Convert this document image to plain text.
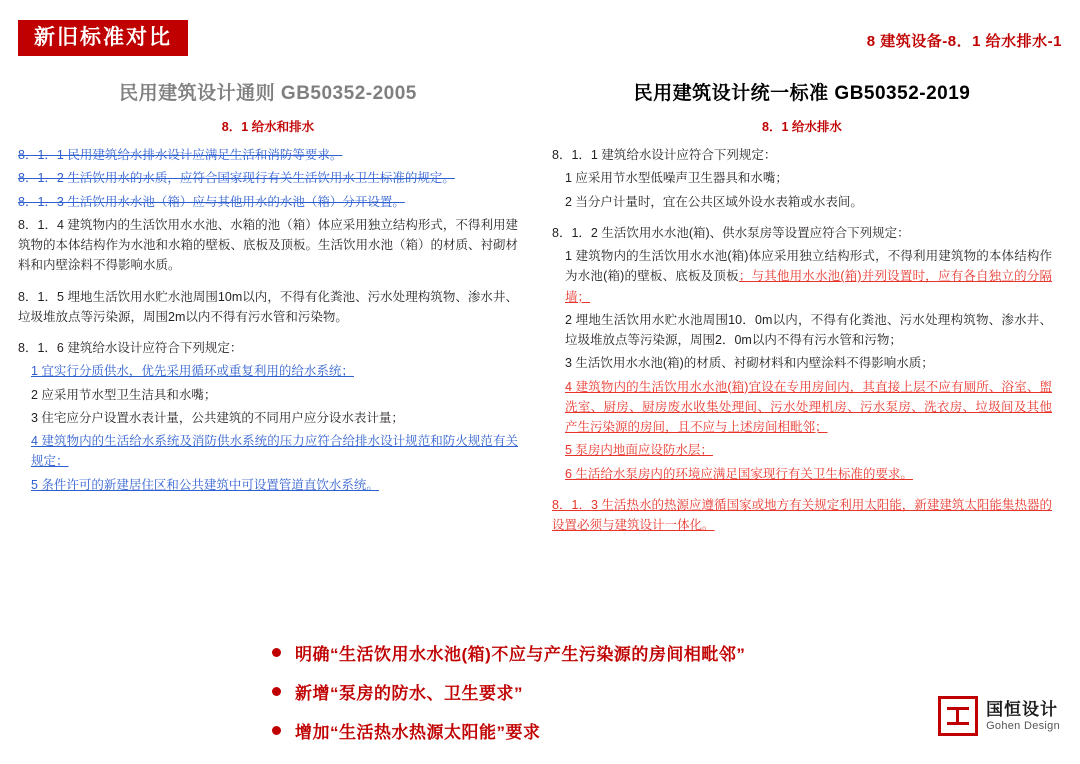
新旧标准对比	8 建筑设备-8．1 给水排水-1
民用建筑设计通则 GB50352-2005
8．1 给水和排水
8．1．1 民用建筑给水排水设计应满足生活和消防等要求。
8．1．2 生活饮用水的水质，应符合国家现行有关生活饮用水卫生标准的规定。
8．1．3 生活饮用水水池（箱）应与其他用水的水池（箱）分开设置。
8．1．4 建筑物内的生活饮用水水池、水箱的池（箱）体应采用独立结构形式，不得利用建筑物的本体结构作为水池和水箱的壁板、底板及顶板。生活饮用水池（箱）的材质、衬砌材料和内壁涂料不得影响水质。
8．1．5 埋地生活饮用水贮水池周围10m以内，不得有化粪池、污水处理构筑物、渗水井、垃圾堆放点等污染源，周围2m以内不得有污水管和污染物。
8．1．6 建筑给水设计应符合下列规定：
1 宜实行分质供水，优先采用循环或重复利用的给水系统；
2 应采用节水型卫生洁具和水嘴；
3 住宅应分户设置水表计量，公共建筑的不同用户应分设水表计量；
4 建筑物内的生活给水系统及消防供水系统的压力应符合给排水设计规范和防火规范有关规定；
5 条件许可的新建居住区和公共建筑中可设置管道直饮水系统。
民用建筑设计统一标准 GB50352-2019
8．1 给水排水
8．1．1 建筑给水设计应符合下列规定：
1 应采用节水型低噪声卫生器具和水嘴；
2 当分户计量时，宜在公共区域外设水表箱或水表间。
8．1．2 生活饮用水水池(箱)、供水泵房等设置应符合下列规定：
1 建筑物内的生活饮用水水池(箱)体应采用独立结构形式，不得利用建筑物的本体结构作为水池(箱)的壁板、底板及顶板；与其他用水水池(箱)并列设置时，应有各自独立的分隔墙；
2 埋地生活饮用水贮水池周围10．0m以内，不得有化粪池、污水处理构筑物、渗水井、垃圾堆放点等污染源，周围2．0m以内不得有污水管和污物；
3 生活饮用水水池(箱)的材质、衬砌材料和内壁涂料不得影响水质；
4 建筑物内的生活饮用水水池(箱)宜设在专用房间内，其直接上层不应有厕所、浴室、盥洗室、厨房、厨房废水收集处理间、污水处理机房、污水泵房、洗衣房、垃圾间及其他产生污染源的房间，且不应与上述房间相毗邻；
5 泵房内地面应设防水层；
6 生活给水泵房内的环境应满足国家现行有关卫生标准的要求。
8．1．3 生活热水的热源应遵循国家或地方有关规定利用太阳能，新建建筑太阳能集热器的设置必须与建筑设计一体化。
明确“生活饮用水水池(箱)不应与产生污染源的房间相毗邻”
新增“泵房的防水、卫生要求”
增加“生活热水热源太阳能”要求
国恒设计
Gohen Design
